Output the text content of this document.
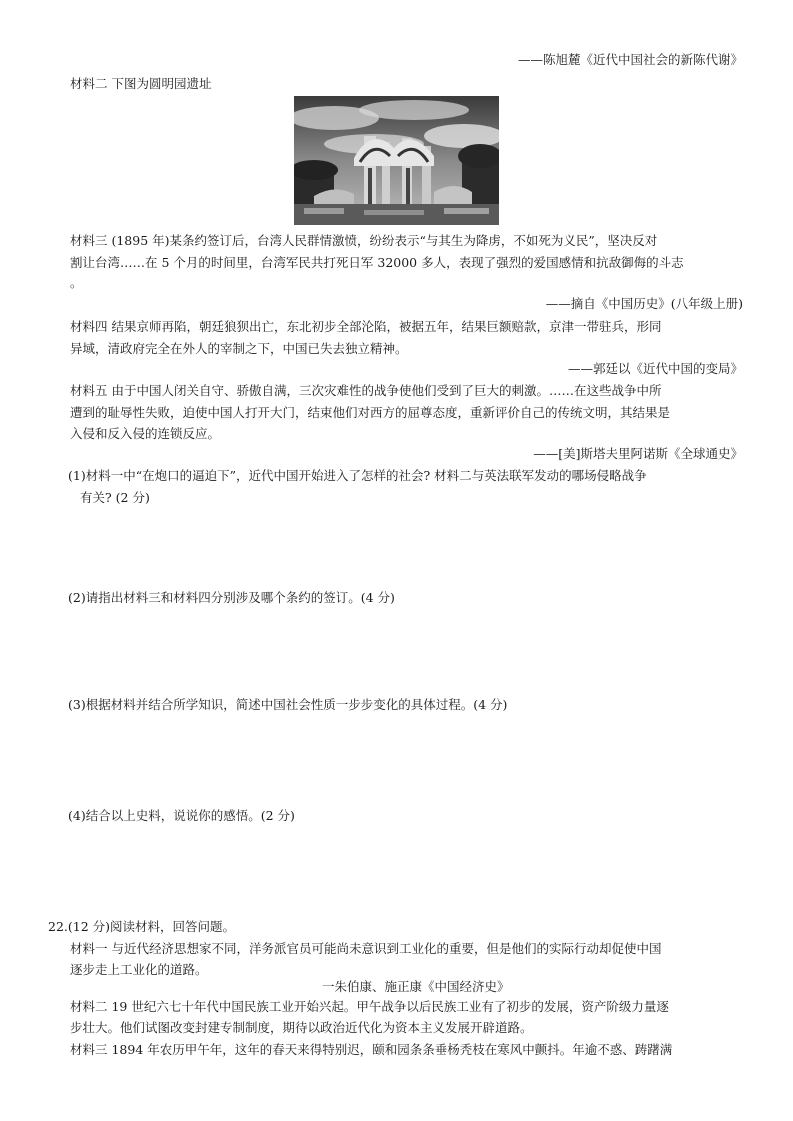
——陈旭麓《近代中国社会的新陈代谢》
材料二 下图为圆明园遗址
材料三 (1895 年)某条约签订后，台湾人民群情激愤，纷纷表示“与其生为降虏，不如死为义民”，坚决反对
割让台湾……在 5 个月的时间里，台湾军民共打死日军 32000 多人，表现了强烈的爱国感情和抗敌御侮的斗志
。
——摘自《中国历史》(八年级上册)
材料四 结果京师再陷，朝廷狼狈出亡，东北初步全部沦陷，被据五年，结果巨额赔款，京津一带驻兵，形同
异域，清政府完全在外人的宰制之下，中国已失去独立精神。
——郭廷以《近代中国的变局》
材料五 由于中国人闭关自守、骄傲自满，三次灾难性的战争使他们受到了巨大的刺激。……在这些战争中所
遭到的耻辱性失败，迫使中国人打开大门，结束他们对西方的屈尊态度，重新评价自己的传统文明，其结果是
入侵和反入侵的连锁反应。
——[美]斯塔夫里阿诺斯《全球通史》
(1)材料一中“在炮口的逼迫下”，近代中国开始进入了怎样的社会? 材料二与英法联军发动的哪场侵略战争
有关? (2 分)
(2)请指出材料三和材料四分别涉及哪个条约的签订。(4 分)
(3)根据材料并结合所学知识，简述中国社会性质一步步变化的具体过程。(4 分)
(4)结合以上史料，说说你的感悟。(2 分)
22.(12 分)阅读材料，回答问题。
材料一 与近代经济思想家不同，洋务派官员可能尚未意识到工业化的重要，但是他们的实际行动却促使中国
逐步走上工业化的道路。
一朱伯康、施正康《中国经济史》
材料二 19 世纪六七十年代中国民族工业开始兴起。甲午战争以后民族工业有了初步的发展，资产阶级力量逐
步壮大。他们试图改变封建专制制度，期待以政治近代化为资本主义发展开辟道路。
材料三 1894 年农历甲午年，这年的春天来得特别迟，颐和园条条垂杨秃枝在寒风中颤抖。年逾不惑、踌躇满
